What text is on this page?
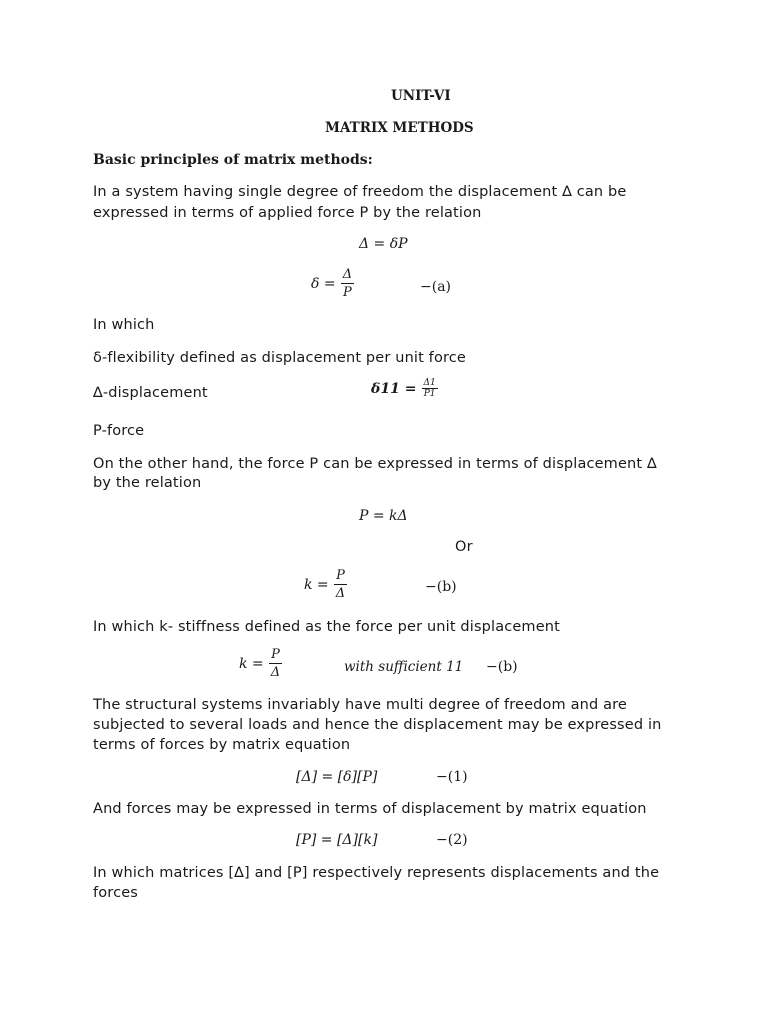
UNIT-VI
MATRIX METHODS
Basic principles of matrix methods:
In a system having single degree of freedom the displacement ∆ can be
expressed in terms of applied force P by the relation
Δ = δP
$\delta = \frac{\Delta}{P}$	−(a)
In which
δ-flexibility defined as displacement per unit force
∆-displacement	$\delta 11 = \frac{\Delta 1}{P1}$
P-force
On the other hand, the force P can be expressed in terms of displacement ∆
by the relation
P = kΔ
Or
$k = \frac{P}{\Delta}$	−(b)
In which k- stiffness defined as the force per unit displacement
$k = \frac{P}{\Delta}$	with sufficient 11 −(b)
The structural systems invariably have multi degree of freedom and are
subjected to several loads and hence the displacement may be expressed in
terms of forces by matrix equation
[Δ] = [δ][P]	−(1)
And forces may be expressed in terms of displacement by matrix equation
[P] = [Δ][k]	−(2)
In which matrices [∆] and [P] respectively represents displacements and the
forces
